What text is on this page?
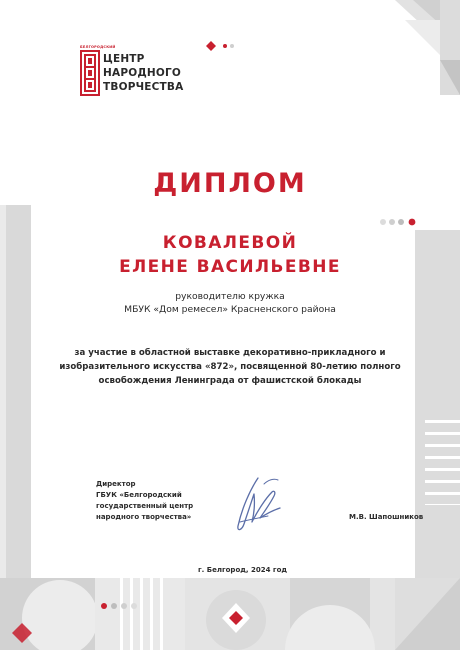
БЕЛГОРОДСКИЙ
ЦЕНТР
НАРОДНОГО
ТВОРЧЕСТВА
ДИПЛОМ
КОВАЛЕВОЙ
ЕЛЕНЕ ВАСИЛЬЕВНЕ
руководителю кружка
МБУК «Дом ремесел» Красненского района
за участие в областной выставке декоративно-прикладного и
изобразительного искусства «872», посвященной 80-летию полного
освобождения Ленинграда от фашистской блокады
Директор
ГБУК «Белгородский
государственный центр
народного творчества»	М.В. Шапошников
г. Белгород, 2024 год
